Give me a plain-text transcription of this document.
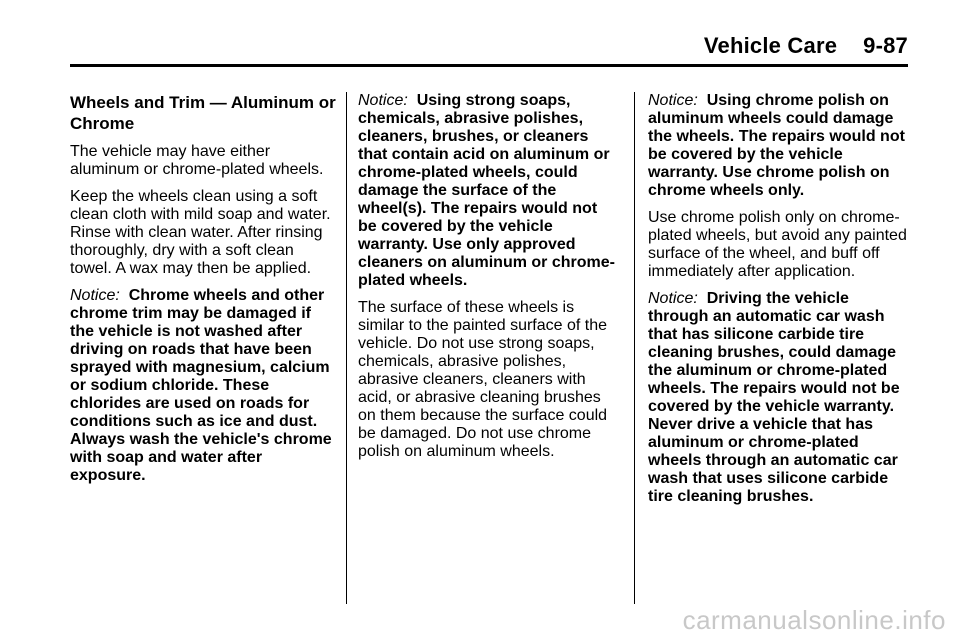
Vehicle Care 9-87

Wheels and Trim — Aluminum or Chrome

The vehicle may have either aluminum or chrome-plated wheels.

Keep the wheels clean using a soft clean cloth with mild soap and water. Rinse with clean water. After rinsing thoroughly, dry with a soft clean towel. A wax may then be applied.

Notice: Chrome wheels and other chrome trim may be damaged if the vehicle is not washed after driving on roads that have been sprayed with magnesium, calcium or sodium chloride. These chlorides are used on roads for conditions such as ice and dust. Always wash the vehicle's chrome with soap and water after exposure.

Notice: Using strong soaps, chemicals, abrasive polishes, cleaners, brushes, or cleaners that contain acid on aluminum or chrome-plated wheels, could damage the surface of the wheel(s). The repairs would not be covered by the vehicle warranty. Use only approved cleaners on aluminum or chrome-plated wheels.

The surface of these wheels is similar to the painted surface of the vehicle. Do not use strong soaps, chemicals, abrasive polishes, abrasive cleaners, cleaners with acid, or abrasive cleaning brushes on them because the surface could be damaged. Do not use chrome polish on aluminum wheels.

Notice: Using chrome polish on aluminum wheels could damage the wheels. The repairs would not be covered by the vehicle warranty. Use chrome polish on chrome wheels only.

Use chrome polish only on chrome-plated wheels, but avoid any painted surface of the wheel, and buff off immediately after application.

Notice: Driving the vehicle through an automatic car wash that has silicone carbide tire cleaning brushes, could damage the aluminum or chrome-plated wheels. The repairs would not be covered by the vehicle warranty. Never drive a vehicle that has aluminum or chrome-plated wheels through an automatic car wash that uses silicone carbide tire cleaning brushes.

carmanualsonline.info
